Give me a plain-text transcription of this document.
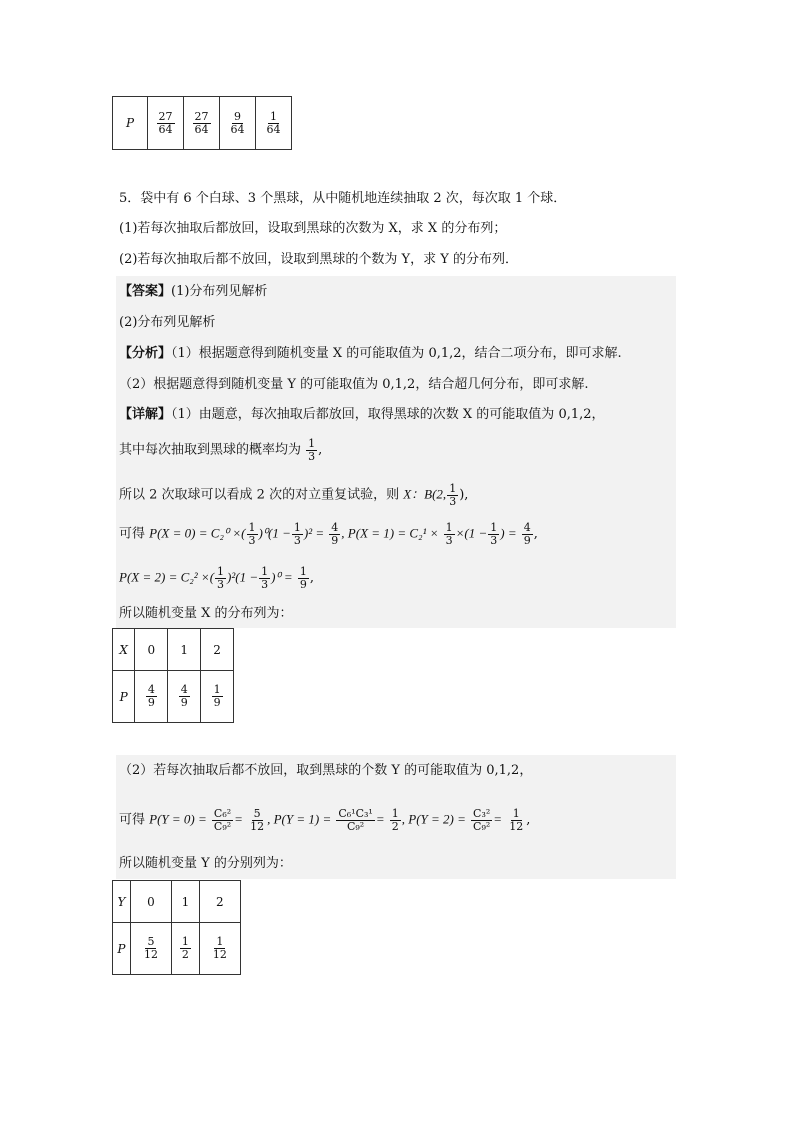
P	$\frac{27}{64}$	$\frac{27}{64}$	$\frac{9}{64}$	$\frac{1}{64}$
5．袋中有 6 个白球、3 个黑球，从中随机地连续抽取 2 次，每次取 1 个球．
(1)若每次抽取后都放回，设取到黑球的次数为 X，求 X 的分布列；
(2)若每次抽取后都不放回，设取到黑球的个数为 Y，求 Y 的分布列．
【答案】(1)分布列见解析
(2)分布列见解析
【分析】（1）根据题意得到随机变量 X 的可能取值为 0,1,2，结合二项分布，即可求解.
（2）根据题意得到随机变量 Y 的可能取值为 0,1,2，结合超几何分布，即可求解.
【详解】（1）由题意，每次抽取后都放回，取得黑球的次数 X 的可能取值为 0,1,2，
其中每次抽取到黑球的概率均为 $\frac{1}{3}$ ,
所以 2 次取球可以看成 2 次的对立重复试验，则 X：B(2, $\frac{1}{3}$ ),
可得 P(X = 0) = C₂⁰ ×( $\frac{1}{3} )^0(1 - \frac{1}{3} )^2 = \frac{4}{9}$ , $P(X = 1) = C_2^1 \times \frac{1}{3} \times(1 - \frac{1}{3}$ ) = $\frac{4}{9}$ ,
P(X = 2) = C₂² ×( $\frac{1}{3} )^2(1 - \frac{1}{3} )^0 = \frac{1}{9}$ ,
所以随机变量 X 的分布列为：
X	0	1	2
P	$\frac{4}{9}$	$\frac{4}{9}$	$\frac{1}{9}$
（2）若每次抽取后都不放回，取到黑球的个数 Y 的可能取值为 0,1,2，
可得 $P(Y = 0) = \frac{\text{C₆²}}{\text{C₉²}} = \frac{5}{12}$ , $P(Y = 1) = \frac{\text{C₆¹C₃¹}}{\text{C₉²}} = \frac{1}{2}$ , $P(Y = 2) = \frac{\text{C₃²}}{\text{C₉²}} = \frac{1}{12}$ ,
所以随机变量 Y 的分别列为：
Y	0	1	2
P	$\frac{5}{12}$	$\frac{1}{2}$	$\frac{1}{12}$
